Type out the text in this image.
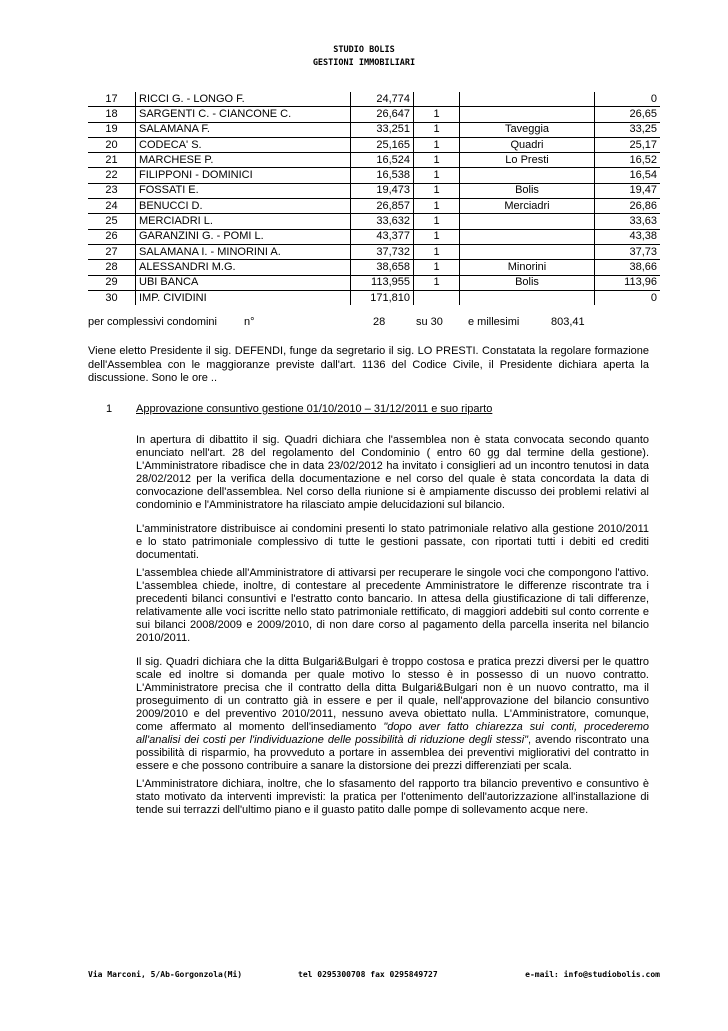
STUDIO BOLIS
GESTIONI IMMOBILIARI
17	RICCI G. - LONGO F.	24,774			0
18	SARGENTI C. - CIANCONE C.	26,647	1		26,65
19	SALAMANA F.	33,251	1	Taveggia	33,25
20	CODECA' S.	25,165	1	Quadri	25,17
21	MARCHESE P.	16,524	1	Lo Presti	16,52
22	FILIPPONI - DOMINICI	16,538	1		16,54
23	FOSSATI E.	19,473	1	Bolis	19,47
24	BENUCCI D.	26,857	1	Merciadri	26,86
25	MERCIADRI L.	33,632	1		33,63
26	GARANZINI G. - POMI L.	43,377	1		43,38
27	SALAMANA I. - MINORINI A.	37,732	1		37,73
28	ALESSANDRI M.G.	38,658	1	Minorini	38,66
29	UBI BANCA	113,955	1	Bolis	113,96
30	IMP. CIVIDINI	171,810			0
per complessivi condomini n°	28	su 30 e millesimi	803,41

Viene eletto Presidente il sig. DEFENDI, funge da segretario il sig. LO PRESTI. Constatata la regolare formazione dell'Assemblea con le maggioranze previste dall'art. 1136 del Codice Civile, il Presidente dichiara aperta la discussione. Sono le ore ..

1 Approvazione consuntivo gestione 01/10/2010 – 31/12/2011 e suo riparto

In apertura di dibattito il sig. Quadri dichiara che l'assemblea non è stata convocata secondo quanto enunciato nell'art. 28 del regolamento del Condominio ( entro 60 gg dal termine della gestione). L'Amministratore ribadisce che in data 23/02/2012 ha invitato i consiglieri ad un incontro tenutosi in data 28/02/2012 per la verifica della documentazione e nel corso del quale è stata concordata la data di convocazione dell'assemblea. Nel corso della riunione si è ampiamente discusso dei problemi relativi al condominio e l'Amministratore ha rilasciato ampie delucidazioni sul bilancio.

L'amministratore distribuisce ai condomini presenti lo stato patrimoniale relativo alla gestione 2010/2011 e lo stato patrimoniale complessivo di tutte le gestioni passate, con riportati tutti i debiti ed crediti documentati.

L'assemblea chiede all'Amministratore di attivarsi per recuperare le singole voci che compongono l'attivo. L'assemblea chiede, inoltre, di contestare al precedente Amministratore le differenze riscontrate tra i precedenti bilanci consuntivi e l'estratto conto bancario. In attesa della giustificazione di tali differenze, relativamente alle voci iscritte nello stato patrimoniale rettificato, di maggiori addebiti sul conto corrente e sui bilanci 2008/2009 e 2009/2010, di non dare corso al pagamento della parcella inserita nel bilancio 2010/2011.

Il sig. Quadri dichiara che la ditta Bulgari&Bulgari è troppo costosa e pratica prezzi diversi per le quattro scale ed inoltre si domanda per quale motivo lo stesso è in possesso di un nuovo contratto. L'Amministratore precisa che il contratto della ditta Bulgari&Bulgari non è un nuovo contratto, ma il proseguimento di un contratto già in essere e per il quale, nell'approvazione del bilancio consuntivo 2009/2010 e del preventivo 2010/2011, nessuno aveva obiettato nulla. L'Amministratore, comunque, come affermato al momento dell'insediamento "dopo aver fatto chiarezza sui conti, procederemo all'analisi dei costi per l'individuazione delle possibilità di riduzione degli stessi", avendo riscontrato una possibilità di risparmio, ha provveduto a portare in assemblea dei preventivi migliorativi del contratto in essere e che possono contribuire a sanare la distorsione dei prezzi differenziati per scala.

L'Amministratore dichiara, inoltre, che lo sfasamento del rapporto tra bilancio preventivo e consuntivo è stato motivato da interventi imprevisti: la pratica per l'ottenimento dell'autorizzazione all'installazione di tende sui terrazzi dell'ultimo piano e il guasto patito dalle pompe di sollevamento acque nere.

Via Marconi, 5/Ab-Gorgonzola(Mi)	tel 0295300708 fax 0295849727	e-mail: info@studiobolis.com
